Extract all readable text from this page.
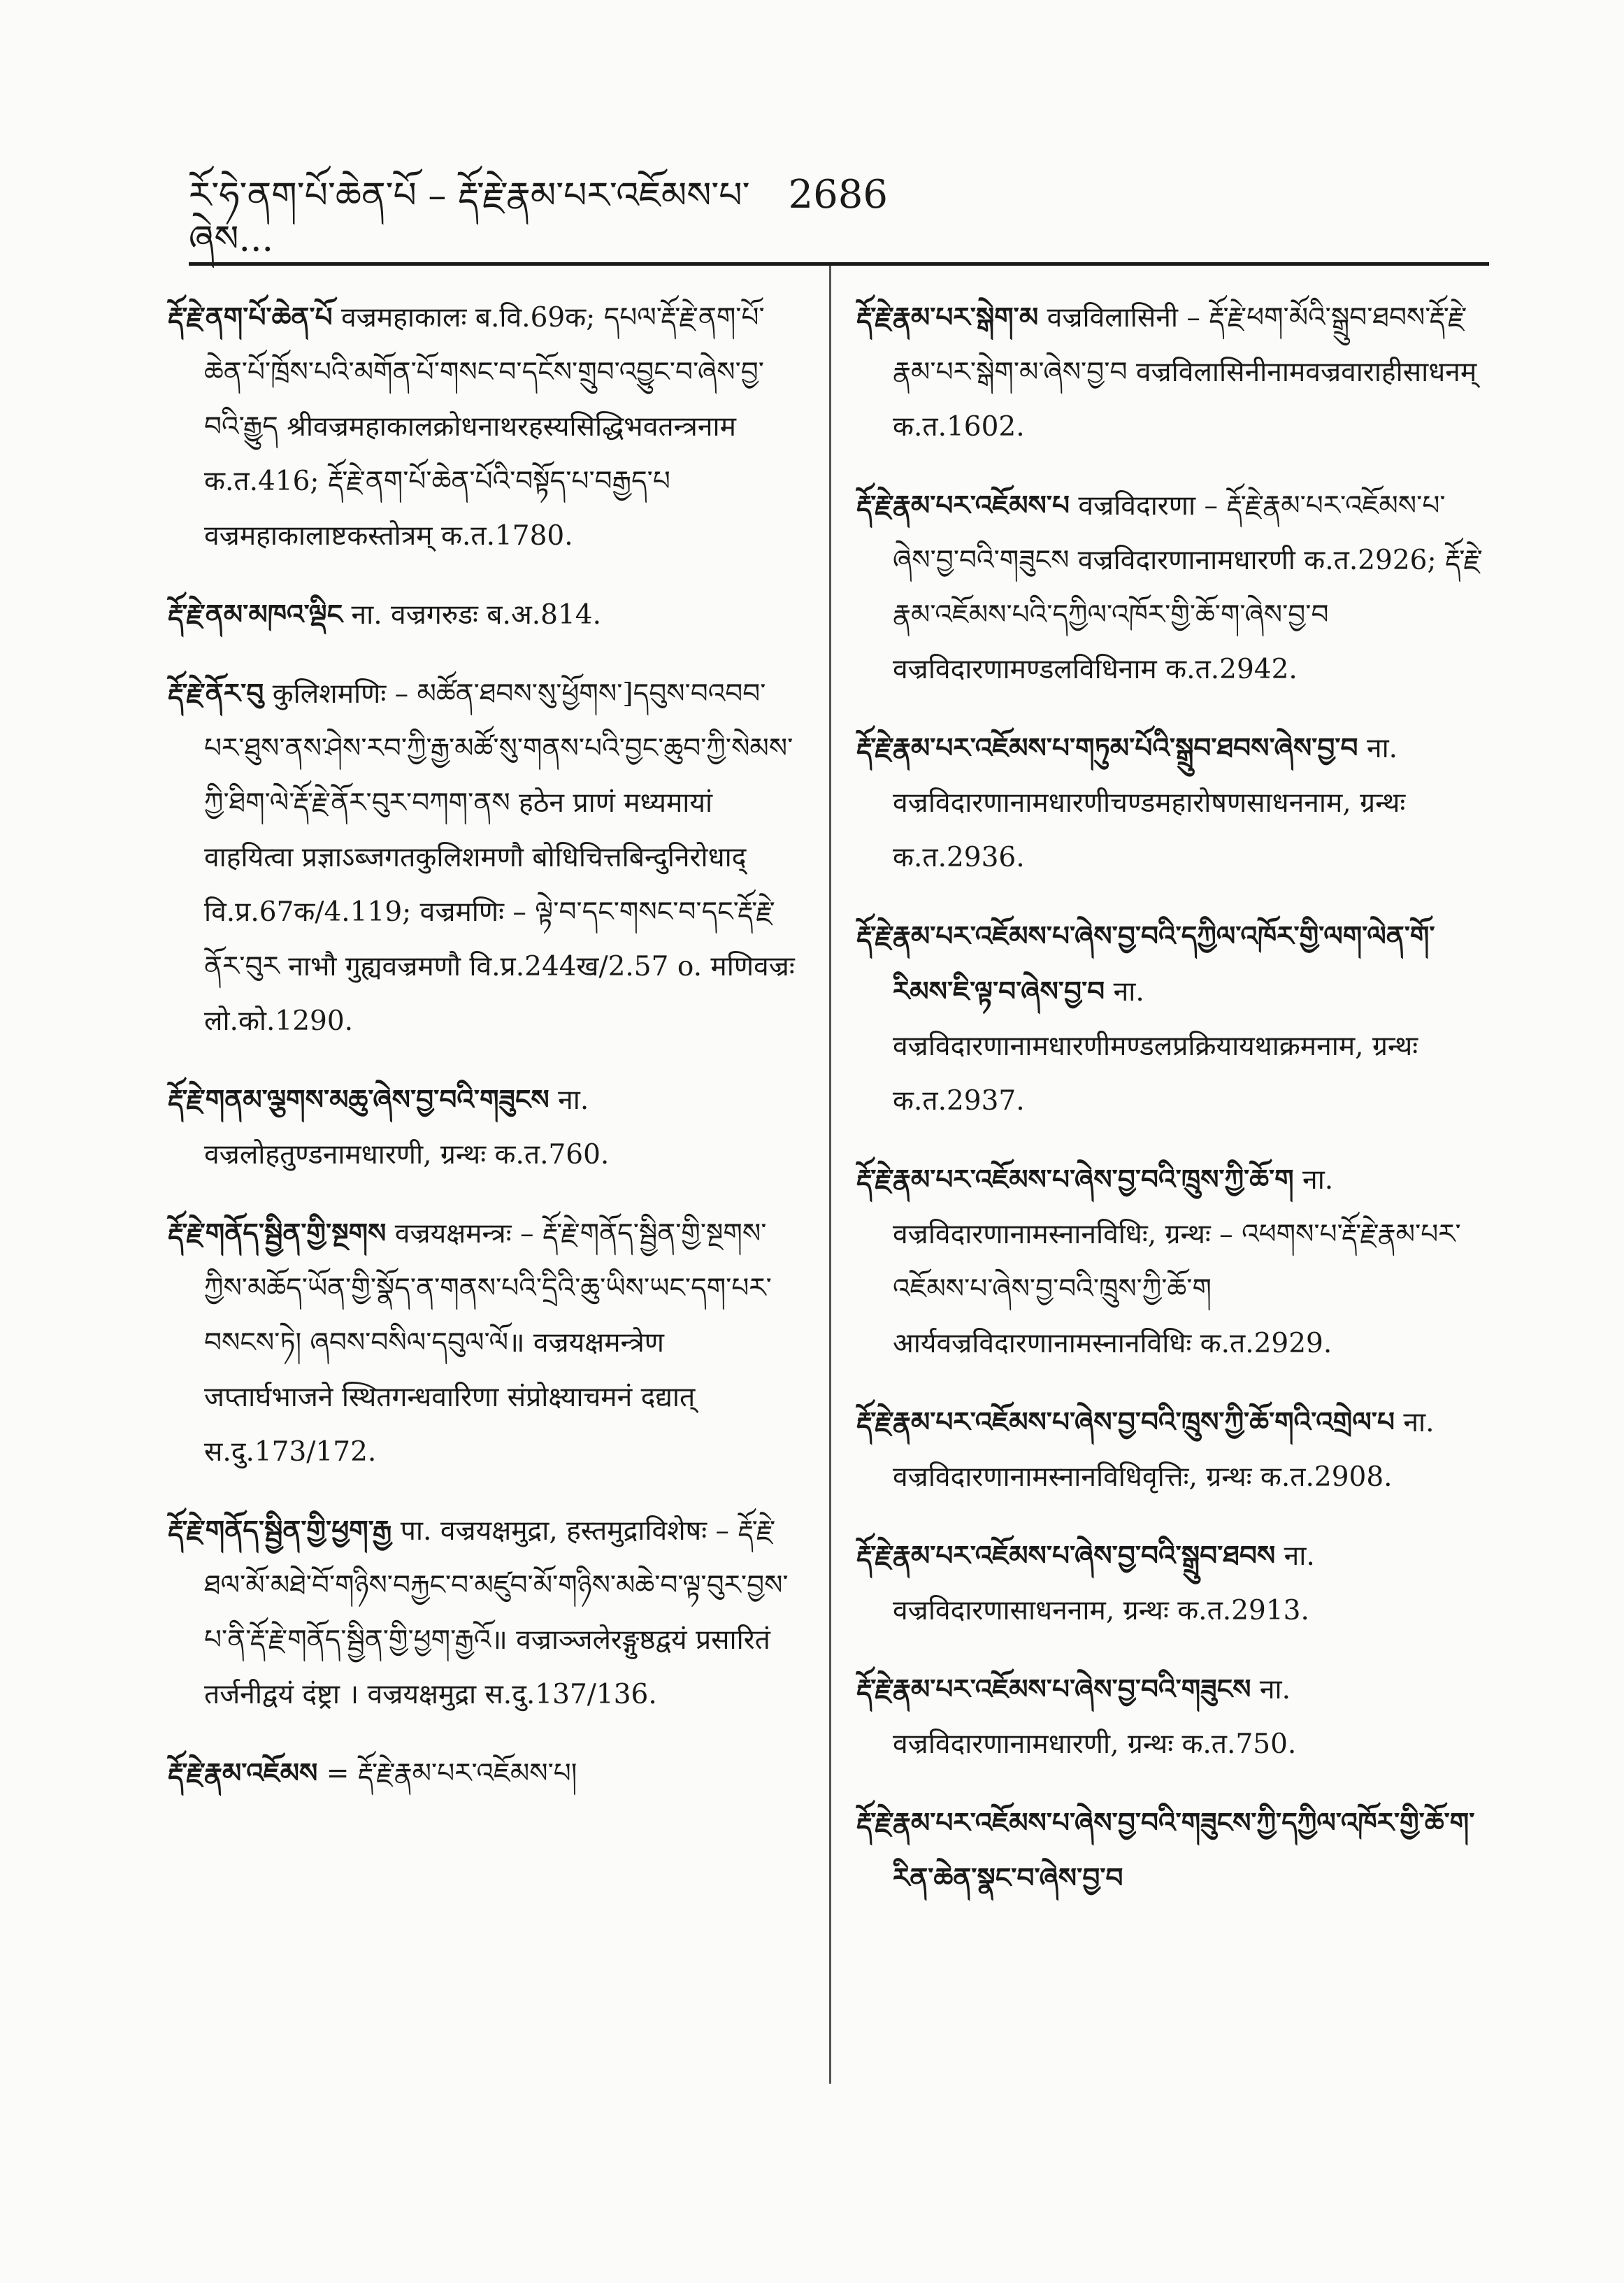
ཪོ་ཧེ་ནག་པོ་ཆེན་པོ – རྡོ་རྗེ་རྣམ་པར་འཇོམས་པ་ཞེས...
2686

རྡོ་རྗེ་ནག་པོ་ཆེན་པོ वज्रमहाकालः ब.वि.69क; དཔལ་རྡོ་རྗེ་ནག་པོ་ཆེན་པོ་ཁྲོས་པའི་མགོན་པོ་གསང་བ་དངོས་གྲུབ་འབྱུང་བ་ཞེས་བྱ་བའི་རྒྱུད श्रीवज्रमहाकालक्रोधनाथरहस्यसिद्धिभवतन्त्रनाम क.त.416; རྡོ་རྗེ་ནག་པོ་ཆེན་པོའི་བསྟོད་པ་བརྒྱད་པ वज्रमहाकालाष्टकस्तोत्रम् क.त.1780.

རྡོ་རྗེ་ནམ་མཁའ་ལྡིང ना. वज्रगरुडः ब.अ.814.

རྡོ་རྗེ་ནོར་བུ कुलिशमणिः – མཚོན་ཐབས་སུ་ཕྱོགས་]དབུས་བའབབ་པར་ཐུས་ནས་ཤེས་རབ་ཀྱི་རྒྱ་མཚོ་སུ་གནས་པའི་བྱང་ཆུབ་ཀྱི་སེམས་ཀྱི་ཐིག་ལེ་རྡོ་རྗེ་ནོར་བུར་བཀག་ནས हठेन प्राणं मध्यमायां वाहयित्वा प्रज्ञाऽब्जगतकुलिशमणौ बोधिचित्तबिन्दुनिरोधाद् वि.प्र.67क/4.119; वज्रमणिः – ལྟེ་བ་དང་གསང་བ་དང་རྡོ་རྗེ་ནོར་བུར नाभौ गुह्यवज्रमणौ वि.प्र.244ख/2.57 o. मणिवज्रः लो.को.1290.

རྡོ་རྗེ་གནམ་ལྕགས་མཆུ་ཞེས་བྱ་བའི་གཟུངས ना. वज्रलोहतुण्डनामधारणी, ग्रन्थः क.त.760.

རྡོ་རྗེ་གནོད་སྦྱིན་གྱི་སྔགས वज्रयक्षमन्त्रः – རྡོ་རྗེ་གནོད་སྦྱིན་གྱི་སྔགས་ཀྱིས་མཆོད་ཡོན་གྱི་སྣོད་ན་གནས་པའི་དྲིའི་ཆུ་ཡིས་ཡང་དག་པར་བསངས་ཏེ། ཞབས་བསིལ་དབུལ་ལོ॥ वज्रयक्षमन्त्रेण जप्तार्घभाजने स्थितगन्धवारिणा संप्रोक्ष्याचमनं दद्यात् स.दु.173/172.

རྡོ་རྗེ་གནོད་སྦྱིན་གྱི་ཕྱག་རྒྱ पा. वज्रयक्षमुद्रा, हस्तमुद्राविशेषः – རྡོ་རྗེ་ཐལ་མོ་མཐེ་བོ་གཉིས་བརྐྱང་བ་མཛུབ་མོ་གཉིས་མཆེ་བ་ལྟ་བུར་བྱས་པ་ནི་རྡོ་རྗེ་གནོད་སྦྱིན་གྱི་ཕྱག་རྒྱའོ॥ वज्राञ्जलेरङ्गुष्ठद्वयं प्रसारितं तर्जनीद्वयं दंष्ट्रा । वज्रयक्षमुद्रा स.दु.137/136.

རྡོ་རྗེ་རྣམ་འཇོམས = རྡོ་རྗེ་རྣམ་པར་འཇོམས་པ།

རྡོ་རྗེ་རྣམ་པར་སྒེག་མ वज्रविलासिनी – རྡོ་རྗེ་ཕག་མོའི་སྒྲུབ་ཐབས་རྡོ་རྗེ་རྣམ་པར་སྒེག་མ་ཞེས་བྱ་བ वज्रविलासिनीनामवज्रवाराहीसाधनम् क.त.1602.

རྡོ་རྗེ་རྣམ་པར་འཇོམས་པ वज्रविदारणा – རྡོ་རྗེ་རྣམ་པར་འཇོམས་པ་ཞེས་བྱ་བའི་གཟུངས वज्रविदारणानामधारणी क.त.2926; རྡོ་རྗེ་རྣམ་འཇོམས་པའི་དཀྱིལ་འཁོར་གྱི་ཆོ་ག་ཞེས་བྱ་བ वज्रविदारणामण्डलविधिनाम क.त.2942.

རྡོ་རྗེ་རྣམ་པར་འཇོམས་པ་གཏུམ་པོའི་སྒྲུབ་ཐབས་ཞེས་བྱ་བ ना. वज्रविदारणानामधारणीचण्डमहारोषणसाधननाम, ग्रन्थः क.त.2936.

རྡོ་རྗེ་རྣམ་པར་འཇོམས་པ་ཞེས་བྱ་བའི་དཀྱིལ་འཁོར་གྱི་ལག་ལེན་གོ་རིམས་ཇི་ལྟ་བ་ཞེས་བྱ་བ ना. वज्रविदारणानामधारणीमण्डलप्रक्रियायथाक्रमनाम, ग्रन्थः क.त.2937.

རྡོ་རྗེ་རྣམ་པར་འཇོམས་པ་ཞེས་བྱ་བའི་ཁྲུས་ཀྱི་ཆོ་ག ना. वज्रविदारणानामस्नानविधिः, ग्रन्थः – འཕགས་པ་རྡོ་རྗེ་རྣམ་པར་འཇོམས་པ་ཞེས་བྱ་བའི་ཁྲུས་ཀྱི་ཆོ་ག आर्यवज्रविदारणानामस्नानविधिः क.त.2929.

རྡོ་རྗེ་རྣམ་པར་འཇོམས་པ་ཞེས་བྱ་བའི་ཁྲུས་ཀྱི་ཆོ་གའི་འགྲེལ་པ ना. वज्रविदारणानामस्नानविधिवृत्तिः, ग्रन्थः क.त.2908.

རྡོ་རྗེ་རྣམ་པར་འཇོམས་པ་ཞེས་བྱ་བའི་སྒྲུབ་ཐབས ना. वज्रविदारणासाधननाम, ग्रन्थः क.त.2913.

རྡོ་རྗེ་རྣམ་པར་འཇོམས་པ་ཞེས་བྱ་བའི་གཟུངས ना. वज्रविदारणानामधारणी, ग्रन्थः क.त.750.

རྡོ་རྗེ་རྣམ་པར་འཇོམས་པ་ཞེས་བྱ་བའི་གཟུངས་ཀྱི་དཀྱིལ་འཁོར་གྱི་ཆོ་ག་རིན་ཆེན་སྣང་བ་ཞེས་བྱ་བ
